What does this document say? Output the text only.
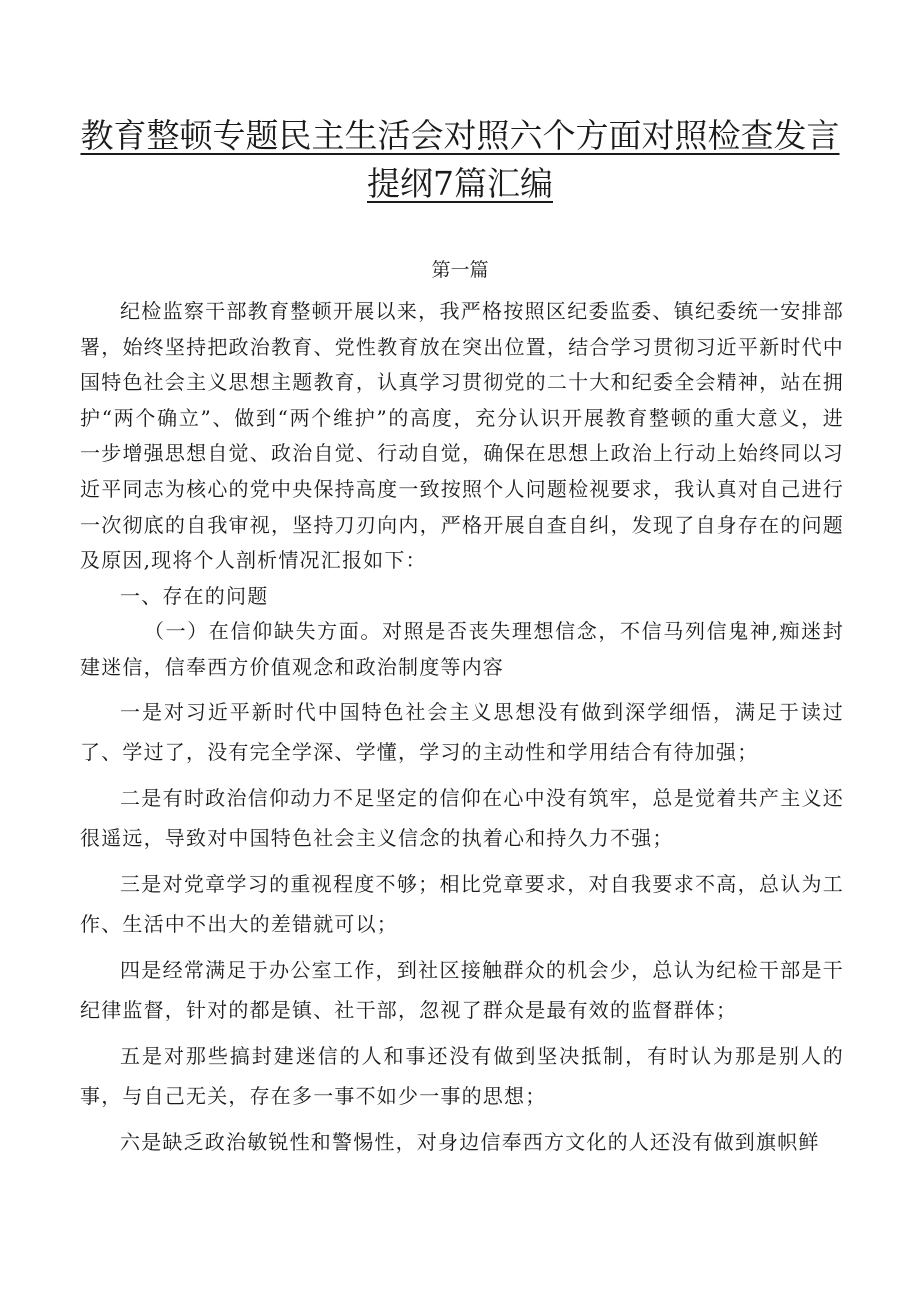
教育整顿专题民主生活会对照六个方面对照检查发言提纲7篇汇编
第一篇

纪检监察干部教育整顿开展以来，我严格按照区纪委监委、镇纪委统一安排部署，始终坚持把政治教育、党性教育放在突出位置，结合学习贯彻习近平新时代中国特色社会主义思想主题教育，认真学习贯彻党的二十大和纪委全会精神，站在拥护“两个确立”、做到“两个维护”的高度，充分认识开展教育整顿的重大意义，进一步增强思想自觉、政治自觉、行动自觉，确保在思想上政治上行动上始终同以习近平同志为核心的党中央保持高度一致按照个人问题检视要求，我认真对自己进行一次彻底的自我审视，坚持刀刃向内，严格开展自查自纠，发现了自身存在的问题及原因,现将个人剖析情况汇报如下：

一、存在的问题

（一）在信仰缺失方面。对照是否丧失理想信念，不信马列信鬼神,痴迷封建迷信，信奉西方价值观念和政治制度等内容

一是对习近平新时代中国特色社会主义思想没有做到深学细悟，满足于读过了、学过了，没有完全学深、学懂，学习的主动性和学用结合有待加强；

二是有时政治信仰动力不足坚定的信仰在心中没有筑牢，总是觉着共产主义还很遥远，导致对中国特色社会主义信念的执着心和持久力不强；

三是对党章学习的重视程度不够；相比党章要求，对自我要求不高，总认为工作、生活中不出大的差错就可以；

四是经常满足于办公室工作，到社区接触群众的机会少，总认为纪检干部是干纪律监督，针对的都是镇、社干部，忽视了群众是最有效的监督群体；

五是对那些搞封建迷信的人和事还没有做到坚决抵制，有时认为那是别人的事，与自己无关，存在多一事不如少一事的思想；

六是缺乏政治敏锐性和警惕性，对身边信奉西方文化的人还没有做到旗帜鲜
